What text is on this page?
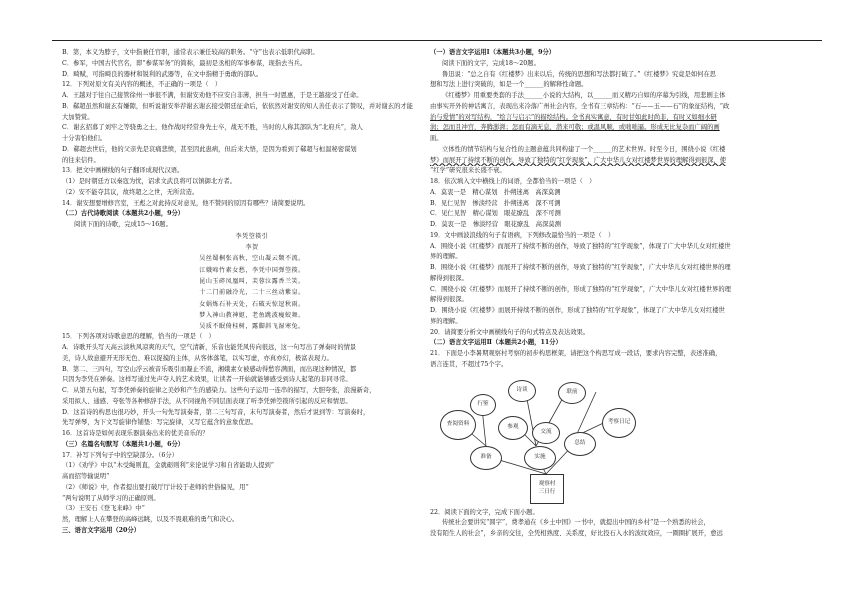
B．第，本义为脖子，文中指兼任官职，通常表示兼任较高的职务。“守”也表示低职代高职。
C．参军，中国古代官名，即“参谋军务”的简称，最初是丞相的军事参谋，现指去当兵。
D．畸赋，可指畸良的器材和锐利的武器等，在文中指精于勇敢的部队。
12．下列对原文有关内容的概述，不正确的一项是（　）
A．王越对于往自己接管徐州一事很不满，但谢安劝他不应安自非薄，担当一时恩惠，于是王越接受了任命。
B．郗超虽然和谢玄有嫌隙，但听说谢安举荐谢玄谢玄接受朝廷征命后，依依然对谢安的知人善任表示了赞叹，并对谢玄的才能
大加赞赏。
C．谢玄招募了刘牢之等骁勇之士，他作战时经常身先士卒，战无不胜，当时的人称其部队为“北府兵”，敌人
十分害怕他们。
D．郗超去世后，他的父亲先是哀痛悲愤，甚至因此患病，但后来大悟，是因为看到了郗超与桓温秘密谋划
的往来信件。
13．把文中画横线的句子翻译成现代汉语。
（1）是时朝廷方以秦寇为忧，诏求文武良将可以镇御北方者。
（2）安不能夺其议，故终超之之世，无所营造。
14．谢安想要增修宫室，王彪之对此持反对意见，他不赞同的原因有哪些？请简要说明。
（二）古代诗歌阅读（本题共2小题，9分）
阅读下面的诗歌，完成15～16题。
李凭箜篌引
李贺
吴丝蜀桐张高秋，空山凝云颓不流。
江娥啼竹素女愁，李凭中国弹箜篌。
昆山玉碎凤凰叫，芙蓉泣露香兰笑。
十二门前融冷光，二十三丝动紫皇。
女娲炼石补天处，石破天惊逗秋雨。
梦入神山教神妪，老鱼跳波瘦蛟舞。
吴质不眠倚桂树，露脚斜飞湿寒兔。
15．下列各项对诗歌意思的理解，恰当的一项是（　）
A．诗歌开头写天高云淡秋风凉爽的天气，空气清新，乐音也能凭风传向很远，这一句写出了弹奏时的情景
美，诗人故意避开无形无色、难以捉摸的主体，从客体落笔，以实写虚，亦真亦幻，极富表现力。
B．第二、三四句，写空山浮云被音乐吸引而凝止不流，湘娥素女被感动得愁容满面，而出现这种情况，都
只因为李凭在弹奏。这样写通过先声夺人的艺术效果，让读者一开始就能够感受到诗人起笔的非同寻常。
C．从第五句起，写李凭弹奏的旋律之美妙和产生的感染力。这些句子运用一连串的描写，大胆夸张，浪漫新奇，
采用拟人、通感、夸张等各种修辞手法，从不同视角不同层面表现了听李凭弹箜篌所引起的反应和情思。
D．这首诗的构思也很巧妙，开头一句先写演奏者，第二三句写音，末句写演奏者，然后才说到等：写演奏时，
先写弹琴，为下文写旋律作铺垫：写完旋律，又写它蕴含的意象优思。
16．这首诗是如何表现乐器演奏出来的优美音乐的？
（三）名篇名句默写（本题共1小题，6分）
17．补写下列句子中的空缺部分。（6分）
（1）《劝学》中以“木受绳则直，金就砺则利”来论说学习和自省能助人提到“
高而招等输说明“
（2）《师说》中，作者提出要打破厅厅计较于老师的世俗偏见，用“
“两句说明了从师学习的正确原则。
（3）王安石《登飞来峰》中“
然，理解上人在攀登的高峰远眺，以及不畏艰难的勇气和决心。
三、语言文字运用（20分）
（一）语言文字运用Ⅰ（本题共3小题，9分）
阅读下面的文字，完成18～20题。
鲁迅说：“总之自有《红楼梦》出来以后，传统的思想和写法都打破了。”《红楼梦》究竟是如何在思
想和写法上进行突破的，如是一个______的解释性命题。
《红楼梦》用重要类套的手法______小说的大结构，以______而又精巧自如的序幕为引线，用悲剧主体
由事实开外的神话寓言，表现出来冷落广州社会内容，全书有三章结构：“石——玉——石”的象征结构，“政
治与爱情”的对写结构，“绘言与启示”的描绘结构。全书真实寓意，有时甘如此时尚非，有时又如细水研
润；怎而且冲宫，奔腾澎湃；怎而有滴无息，潜来可敬；或温风顺，或咄咄逼。形成无比复杂而广阔的画
面。
立体性的情节结构与复合性的主题意蕴共同构建了一个______的艺术世界。时至今日，围绕小说《红楼
梦》而展开了持续不断的创作，导致了独特的“红学现象”，广大中华儿女对红楼梦世界的理解得到很深，使
“红学”研究很来长盛不衰。
18．依次填入文中横线上的词语，全都恰当的一项是（　）
A．莫衷一是　精心谋划　扑朔迷离　高深莫测
B．见仁见智　惨淡经营　扑朔迷离　深不可测
C．见仁见智　精心谋划　眼花缭乱　深不可测
D．莫衷一是　惨淡经营　眼花缭乱　高深莫测
19．文中画波浪线的句子有语病，下列修改最恰当的一项是（　）
A．围绕小说《红楼梦》而展开了持续不断的创作，导致了独特的“红学现象”，体现了广大中华儿女对红楼世
界的理解。
B．围绕小说《红楼梦》而展开了持续不断的创作，导致了独特的“红学现象”，广大中华儿女对红楼世界的理
解得到很深。
C．围绕小说《红楼梦》而展开了持续不断的创作，形成了独特的“红学现象”，广大中华儿女对红楼世界的理
解得到很深。
D．围绕小说《红楼梦》而展开持续不断的创作，形成了独特的“红学现象”，体现了广大中华儿女对红楼世
界的理解。
20．请简要分析文中画横线句子的句式特点及表达效果。
（二）语言文字运用Ⅱ（本题共2小题，11分）
21．下面是小李暑期观察村考察的初步构思框架，请把这个构思写成一段话，要求内容完整，表述准确，
语言连贯，不超过75个字。
查阅资料
行鉴
诗谈	联前
参观
交流
考察日记
准备	实施
总结
观察村
三日行
22．阅读下面的文字，完成下面小题。
传统社会要讲究“圆字”，费孝通在《乡土中国》一书中，就提出中国的乡村“是一个熟悉的社会，
没有陌生人的社会”，乡亲的交往，全凭相熟度、关系度，好比投石入水的波纹效应，一圈圈扩展开，愈远
